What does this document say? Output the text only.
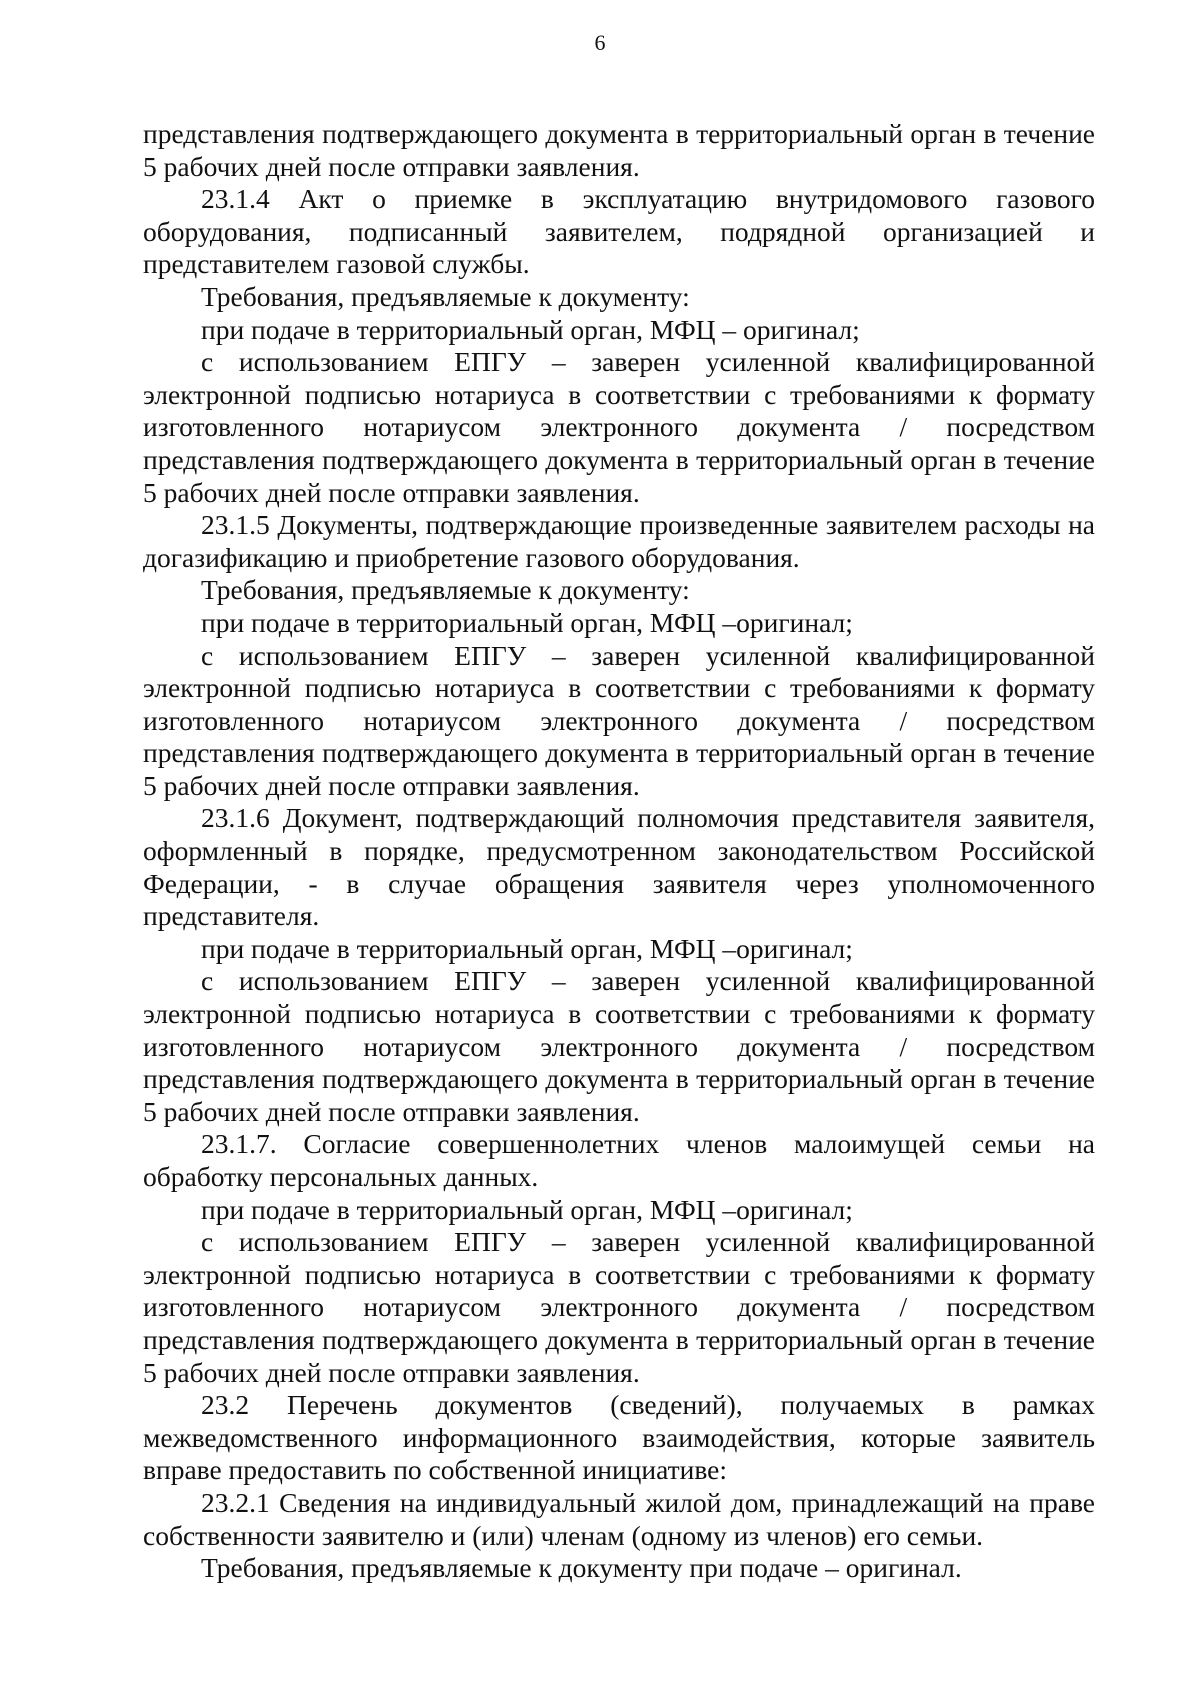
6

представления подтверждающего документа в территориальный орган в течение 5 рабочих дней после отправки заявления.

23.1.4 Акт о приемке в эксплуатацию внутридомового газового оборудования, подписанный заявителем, подрядной организацией и представителем газовой службы.

Требования, предъявляемые к документу:

при подаче в территориальный орган, МФЦ – оригинал;

с использованием ЕПГУ – заверен усиленной квалифицированной электронной подписью нотариуса в соответствии с требованиями к формату изготовленного нотариусом электронного документа / посредством представления подтверждающего документа в территориальный орган в течение 5 рабочих дней после отправки заявления.

23.1.5 Документы, подтверждающие произведенные заявителем расходы на догазификацию и приобретение газового оборудования.

Требования, предъявляемые к документу:

при подаче в территориальный орган, МФЦ –оригинал;

с использованием ЕПГУ – заверен усиленной квалифицированной электронной подписью нотариуса в соответствии с требованиями к формату изготовленного нотариусом электронного документа / посредством представления подтверждающего документа в территориальный орган в течение 5 рабочих дней после отправки заявления.

23.1.6 Документ, подтверждающий полномочия представителя заявителя, оформленный в порядке, предусмотренном законодательством Российской Федерации, - в случае обращения заявителя через уполномоченного представителя.

при подаче в территориальный орган, МФЦ –оригинал;

с использованием ЕПГУ – заверен усиленной квалифицированной электронной подписью нотариуса в соответствии с требованиями к формату изготовленного нотариусом электронного документа / посредством представления подтверждающего документа в территориальный орган в течение 5 рабочих дней после отправки заявления.

23.1.7. Согласие совершеннолетних членов малоимущей семьи на обработку персональных данных.

при подаче в территориальный орган, МФЦ –оригинал;

с использованием ЕПГУ – заверен усиленной квалифицированной электронной подписью нотариуса в соответствии с требованиями к формату изготовленного нотариусом электронного документа / посредством представления подтверждающего документа в территориальный орган в течение 5 рабочих дней после отправки заявления.

23.2 Перечень документов (сведений), получаемых в рамках межведомственного информационного взаимодействия, которые заявитель вправе предоставить по собственной инициативе:

23.2.1 Сведения на индивидуальный жилой дом, принадлежащий на праве собственности заявителю и (или) членам (одному из членов) его семьи.

Требования, предъявляемые к документу при подаче – оригинал.
